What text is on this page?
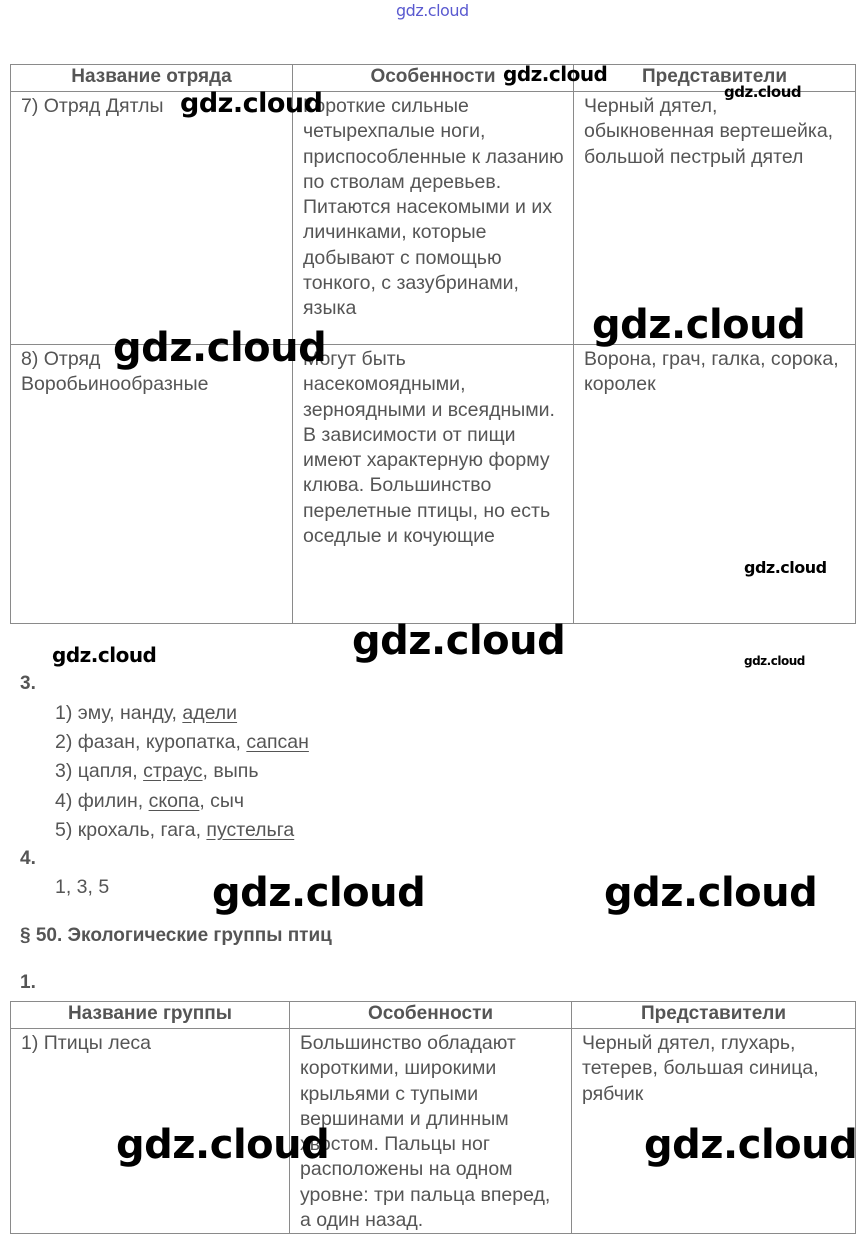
gdz.cloud
gdz.cloud
gdz.cloud
gdz.cloud
gdz.cloud
gdz.cloud
gdz.cloud
gdz.cloud
gdz.cloud	gdz.cloud
gdz.cloud	gdz.cloud
gdz.cloud	gdz.cloud
Название отряда	Особенности	Представители
7) Отряд Дятлы	Короткие сильные четырехпалые ноги, приспособленные к лазанию по стволам деревьев. Питаются насекомыми и их личинками, которые добывают с помощью тонкого, с зазубринами, языка	Черный дятел, обыкновенная вертешейка, большой пестрый дятел
8) Отряд Воробьинообразные	Могут быть насекомоядными, зерноядными и всеядными. В зависимости от пищи имеют характерную форму клюва. Большинство перелетные птицы, но есть оседлые и кочующие	Ворона, грач, галка, сорока, королек
3.
1) эму, нанду, адели
2) фазан, куропатка, сапсан
3) цапля, страус, выпь
4) филин, скопа, сыч
5) крохаль, гага, пустельга
4.
1, 3, 5
§ 50. Экологические группы птиц
1.
Название группы	Особенности	Представители
1) Птицы леса	Большинство обладают короткими, широкими крыльями с тупыми вершинами и длинным хвостом. Пальцы ног расположены на одном уровне: три пальца вперед, а один назад.	Черный дятел, глухарь, тетерев, большая синица, рябчик
